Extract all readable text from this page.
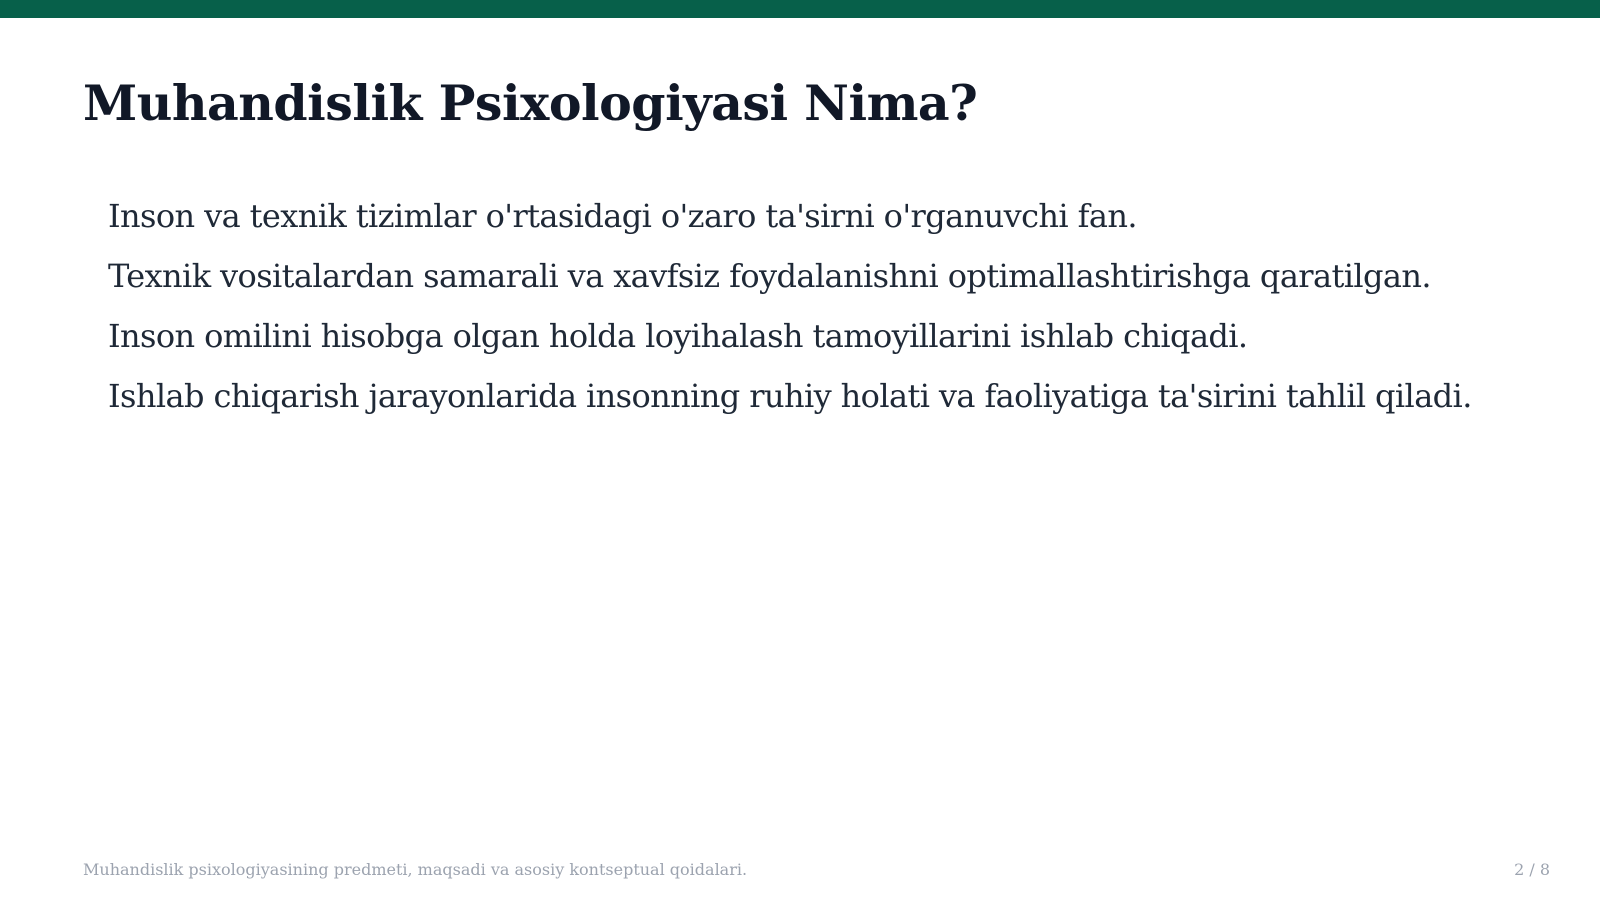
Muhandislik Psixologiyasi Nima?
Inson va texnik tizimlar o'rtasidagi o'zaro ta'sirni o'rganuvchi fan.
Texnik vositalardan samarali va xavfsiz foydalanishni optimallashtirishga qaratilgan.
Inson omilini hisobga olgan holda loyihalash tamoyillarini ishlab chiqadi.
Ishlab chiqarish jarayonlarida insonning ruhiy holati va faoliyatiga ta'sirini tahlil qiladi.
Muhandislik psixologiyasining predmeti, maqsadi va asosiy kontseptual qoidalari.	2 / 8
